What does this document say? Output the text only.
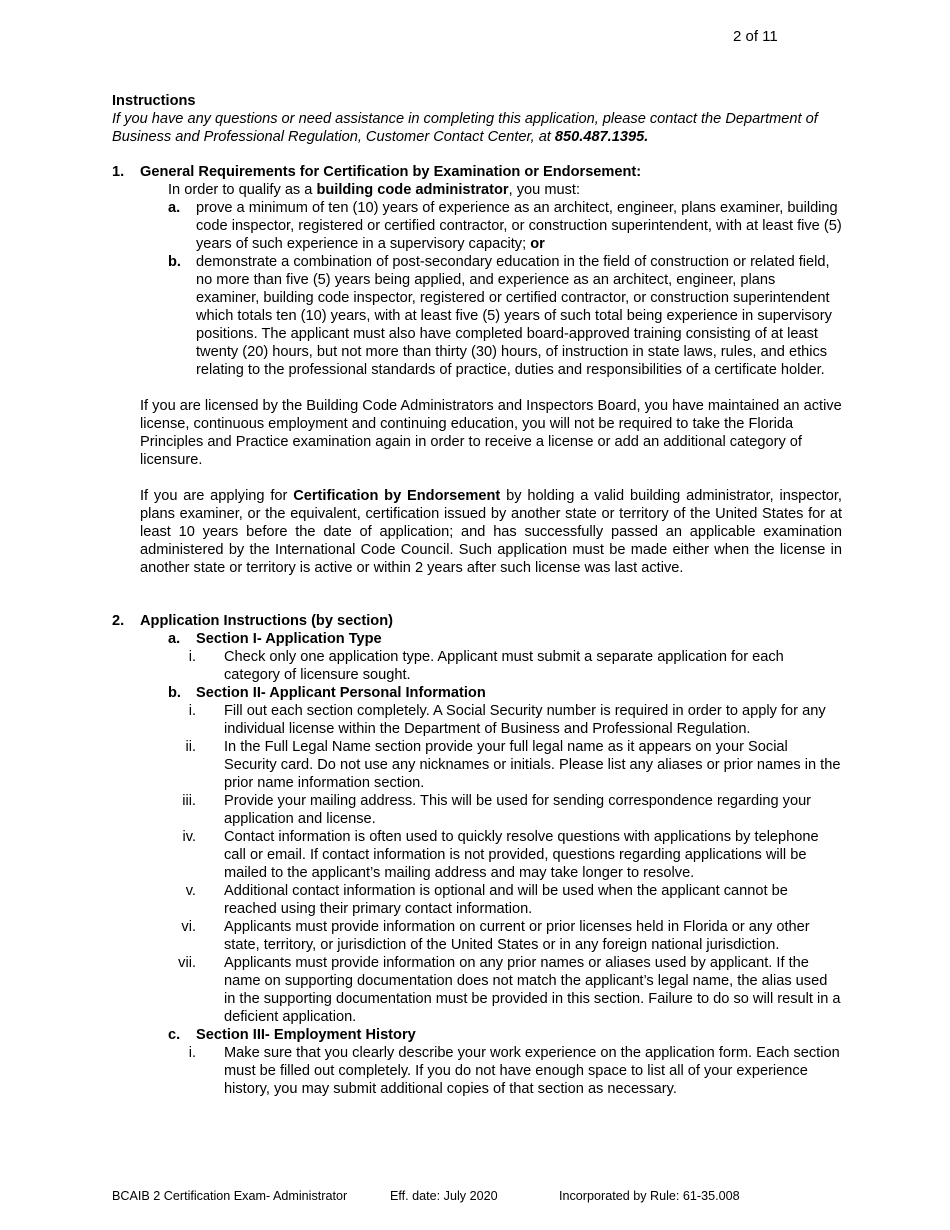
2 of 11
Instructions
If you have any questions or need assistance in completing this application, please contact the Department of Business and Professional Regulation, Customer Contact Center, at 850.487.1395.
1. General Requirements for Certification by Examination or Endorsement:
In order to qualify as a building code administrator, you must:
a. prove a minimum of ten (10) years of experience as an architect, engineer, plans examiner, building code inspector, registered or certified contractor, or construction superintendent, with at least five (5) years of such experience in a supervisory capacity; or
b. demonstrate a combination of post-secondary education in the field of construction or related field, no more than five (5) years being applied, and experience as an architect, engineer, plans examiner, building code inspector, registered or certified contractor, or construction superintendent which totals ten (10) years, with at least five (5) years of such total being experience in supervisory positions. The applicant must also have completed board-approved training consisting of at least twenty (20) hours, but not more than thirty (30) hours, of instruction in state laws, rules, and ethics relating to the professional standards of practice, duties and responsibilities of a certificate holder.
If you are licensed by the Building Code Administrators and Inspectors Board, you have maintained an active license, continuous employment and continuing education, you will not be required to take the Florida Principles and Practice examination again in order to receive a license or add an additional category of licensure.
If you are applying for Certification by Endorsement by holding a valid building administrator, inspector, plans examiner, or the equivalent, certification issued by another state or territory of the United States for at least 10 years before the date of application; and has successfully passed an applicable examination administered by the International Code Council. Such application must be made either when the license in another state or territory is active or within 2 years after such license was last active.
2. Application Instructions (by section)
a. Section I- Application Type
i. Check only one application type. Applicant must submit a separate application for each category of licensure sought.
b. Section II- Applicant Personal Information
i. Fill out each section completely. A Social Security number is required in order to apply for any individual license within the Department of Business and Professional Regulation.
ii. In the Full Legal Name section provide your full legal name as it appears on your Social Security card. Do not use any nicknames or initials. Please list any aliases or prior names in the prior name information section.
iii. Provide your mailing address. This will be used for sending correspondence regarding your application and license.
iv. Contact information is often used to quickly resolve questions with applications by telephone call or email. If contact information is not provided, questions regarding applications will be mailed to the applicant’s mailing address and may take longer to resolve.
v. Additional contact information is optional and will be used when the applicant cannot be reached using their primary contact information.
vi. Applicants must provide information on current or prior licenses held in Florida or any other state, territory, or jurisdiction of the United States or in any foreign national jurisdiction.
vii. Applicants must provide information on any prior names or aliases used by applicant. If the name on supporting documentation does not match the applicant’s legal name, the alias used in the supporting documentation must be provided in this section. Failure to do so will result in a deficient application.
c. Section III- Employment History
i. Make sure that you clearly describe your work experience on the application form. Each section must be filled out completely. If you do not have enough space to list all of your experience history, you may submit additional copies of that section as necessary.
BCAIB 2 Certification Exam- Administrator	Eff. date: July 2020	Incorporated by Rule: 61-35.008
